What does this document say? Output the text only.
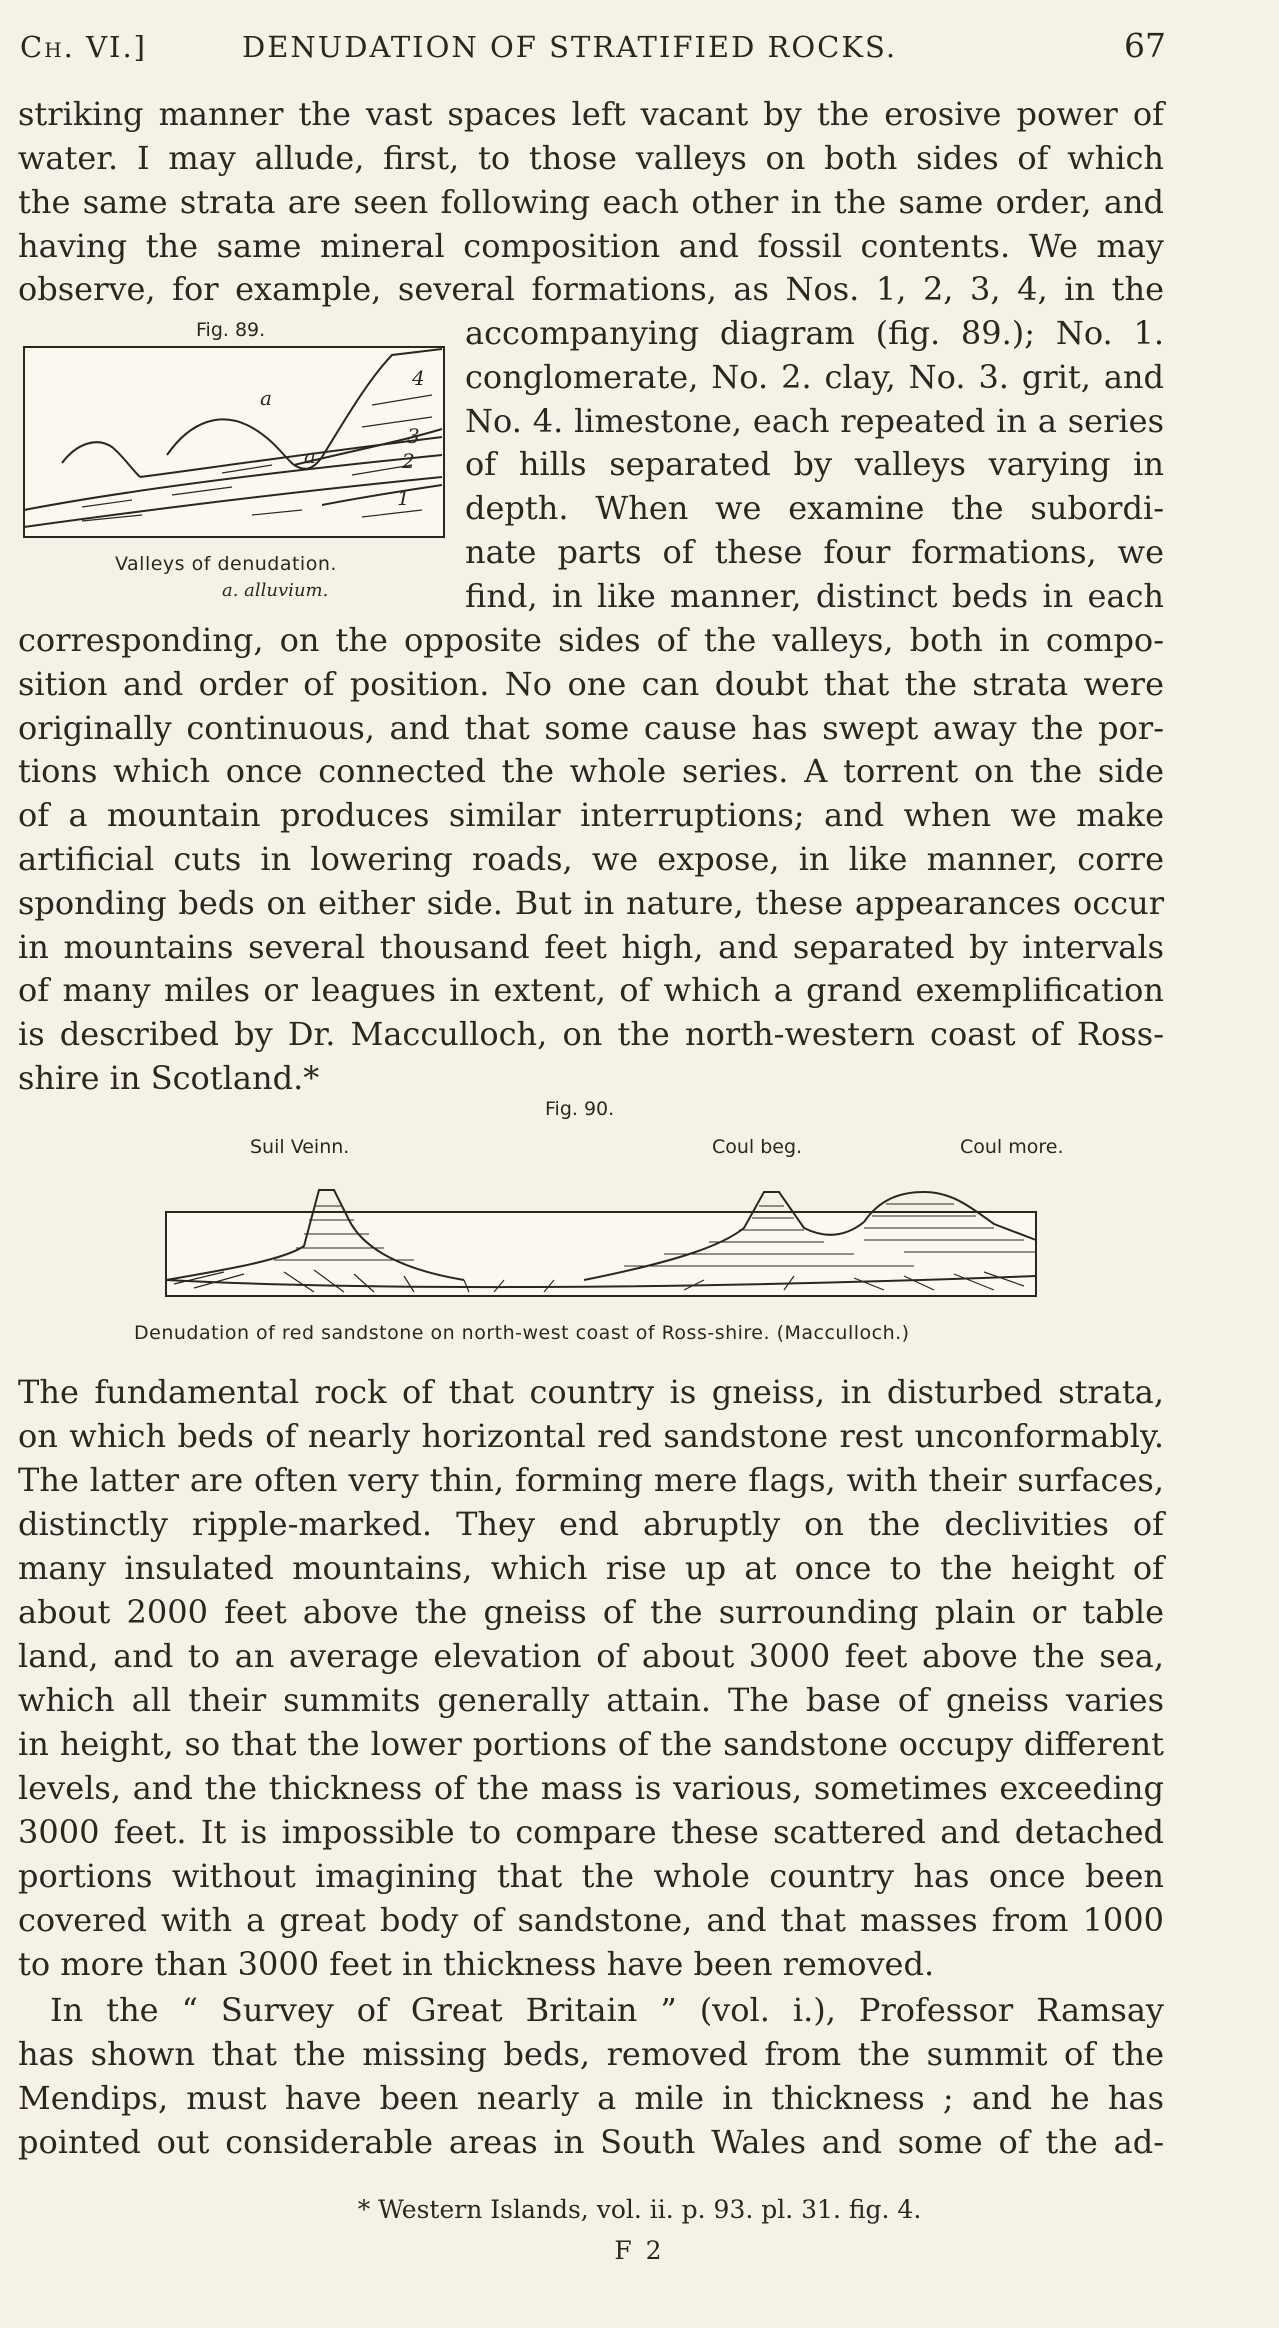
Ch. VI.]	DENUDATION OF STRATIFIED ROCKS.	67
striking manner the vast spaces left vacant by the erosive power of
water. I may allude, first, to those valleys on both sides of which
the same strata are seen following each other in the same order, and
having the same mineral composition and fossil contents. We may
observe, for example, several formations, as Nos. 1, 2, 3, 4, in the
accompanying diagram (fig. 89.); No. 1.
conglomerate, No. 2. clay, No. 3. grit, and
No. 4. limestone, each repeated in a series
of hills separated by valleys varying in
depth. When we examine the subordi-
nate parts of these four formations, we
find, in like manner, distinct beds in each
Fig. 89.
4
3
2
1
a
a
Valleys of denudation.
a. alluvium.
corresponding, on the opposite sides of the valleys, both in compo-
sition and order of position. No one can doubt that the strata were
originally continuous, and that some cause has swept away the por-
tions which once connected the whole series. A torrent on the side
of a mountain produces similar interruptions; and when we make
artificial cuts in lowering roads, we expose, in like manner, corre
sponding beds on either side. But in nature, these appearances occur
in mountains several thousand feet high, and separated by intervals
of many miles or leagues in extent, of which a grand exemplification
is described by Dr. Macculloch, on the north-western coast of Ross-
shire in Scotland.*
Fig. 90.
Suil Veinn.	Coul beg.	Coul more.
Denudation of red sandstone on north-west coast of Ross-shire. (Macculloch.)
The fundamental rock of that country is gneiss, in disturbed strata,
on which beds of nearly horizontal red sandstone rest unconformably.
The latter are often very thin, forming mere flags, with their surfaces,
distinctly ripple-marked. They end abruptly on the declivities of
many insulated mountains, which rise up at once to the height of
about 2000 feet above the gneiss of the surrounding plain or table
land, and to an average elevation of about 3000 feet above the sea,
which all their summits generally attain. The base of gneiss varies
in height, so that the lower portions of the sandstone occupy different
levels, and the thickness of the mass is various, sometimes exceeding
3000 feet. It is impossible to compare these scattered and detached
portions without imagining that the whole country has once been
covered with a great body of sandstone, and that masses from 1000
to more than 3000 feet in thickness have been removed.
In the “ Survey of Great Britain ” (vol. i.), Professor Ramsay
has shown that the missing beds, removed from the summit of the
Mendips, must have been nearly a mile in thickness ; and he has
pointed out considerable areas in South Wales and some of the ad-
* Western Islands, vol. ii. p. 93. pl. 31. fig. 4.
F 2
